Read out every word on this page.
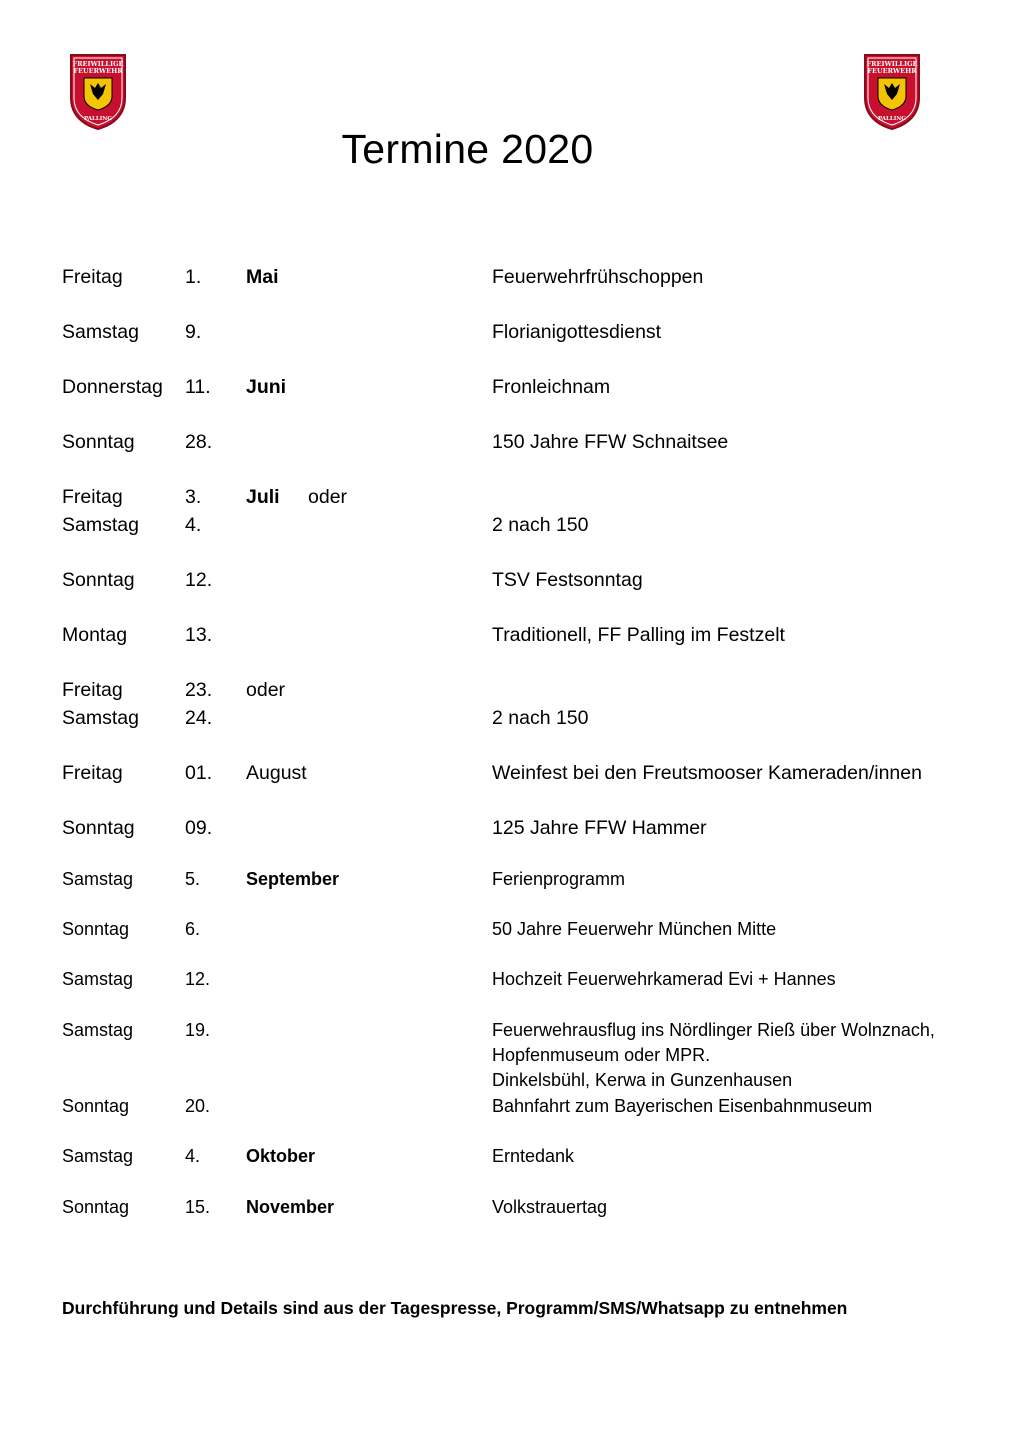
FREIWILLIGE
FEUERWEHR
PALLING
FREIWILLIGE
FEUERWEHR
PALLING
Termine 2020
Freitag	1. Mai	Feuerwehrfrühschoppen
Samstag 9.	Florianigottesdienst
Donnerstag 11. Juni	Fronleichnam
Sonntag	28.	150 Jahre FFW Schnaitsee
Freitag	3. Juli oder
Samstag 4.	2 nach 150
Sonntag	12.	TSV Festsonntag
Montag	13.	Traditionell, FF Palling im Festzelt
Freitag	23. oder
Samstag 24.	2 nach 150
Freitag	01. August	Weinfest bei den Freutsmooser Kameraden/innen
Sonntag	09.	125 Jahre FFW Hammer
Samstag	5.	September	Ferienprogramm
Sonntag	6.	50 Jahre Feuerwehr München Mitte
Samstag	12.	Hochzeit Feuerwehrkamerad Evi + Hannes
Samstag	19.	Feuerwehrausflug ins Nördlinger Rieß über Wolnznach,
Hopfenmuseum oder MPR.
Dinkelsbühl, Kerwa in Gunzenhausen
Sonntag	20.	Bahnfahrt zum Bayerischen Eisenbahnmuseum
Samstag	4.	Oktober	Erntedank
Sonntag	15. November	Volkstrauertag
Durchführung und Details sind aus der Tagespresse, Programm/SMS/Whatsapp zu entnehmen
